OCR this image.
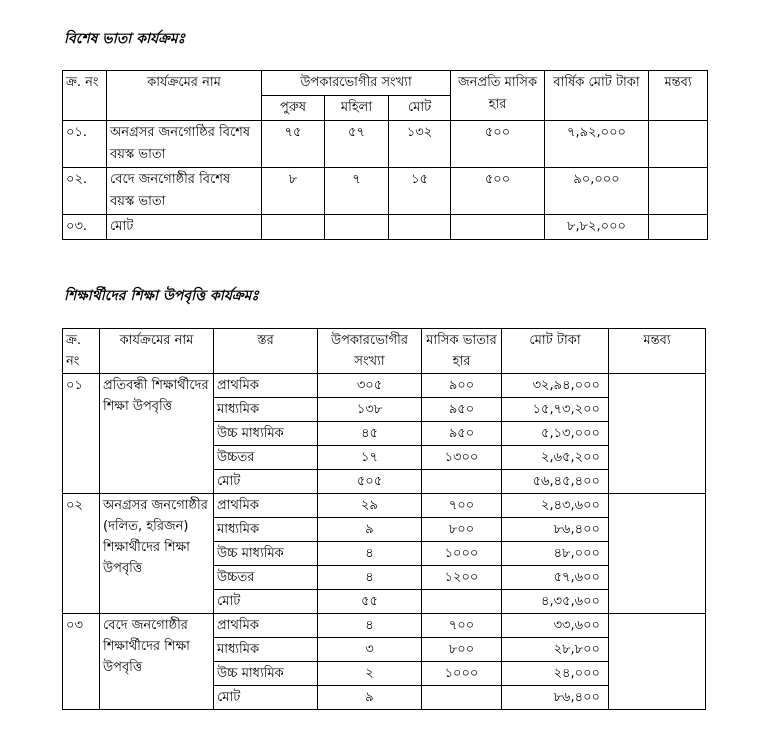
বিশেষ ভাতা কার্যক্রমঃ
ক্র. নং	কার্যক্রমের নাম	উপকারভোগীর সংখ্যা			জনপ্রতি মাসিক হার	বার্ষিক মোট টাকা	মন্তব্য
		পুরুষ	মহিলা	মোট			
০১.	অনগ্রসর জনগোষ্ঠির বিশেষ বয়স্ক ভাতা	৭৫	৫৭	১৩২	৫০০	৭,৯২,০০০	
০২.	বেদে জনগোষ্ঠীর বিশেষ বয়স্ক ভাতা	৮	৭	১৫	৫০০	৯০,০০০	
০৩.	মোট					৮,৮২,০০০	
শিক্ষার্থীদের শিক্ষা উপবৃত্তি কার্যক্রমঃ
ক্র. নং	কার্যক্রমের নাম	স্তর	উপকারভোগীর সংখ্যা	মাসিক ভাতার হার	মোট টাকা	মন্তব্য
০১	প্রতিবন্ধী শিক্ষার্থীদের শিক্ষা উপবৃত্তি	প্রাথমিক	৩০৫	৯০০	৩২,৯৪,০০০	
		মাধ্যমিক	১৩৮	৯৫০	১৫,৭৩,২০০	
		উচ্চ মাধ্যমিক	৪৫	৯৫০	৫,১৩,০০০	
		উচ্চতর	১৭	১৩০০	২,৬৫,২০০	
		মোট	৫০৫		৫৬,৪৫,৪০০	
০২	অনগ্রসর জনগোষ্ঠীর (দলিত, হরিজন) শিক্ষার্থীদের শিক্ষা উপবৃত্তি	প্রাথমিক	২৯	৭০০	২,৪৩,৬০০	
		মাধ্যমিক	৯	৮০০	৮৬,৪০০	
		উচ্চ মাধ্যমিক	৪	১০০০	৪৮,০০০	
		উচ্চতর	৪	১২০০	৫৭,৬০০	
		মোট	৫৫		৪,৩৫,৬০০	
০৩	বেদে জনগোষ্ঠীর শিক্ষার্থীদের শিক্ষা উপবৃত্তি	প্রাথমিক	৪	৭০০	৩৩,৬০০	
		মাধ্যমিক	৩	৮০০	২৮,৮০০	
		উচ্চ মাধ্যমিক	২	১০০০	২৪,০০০	
		মোট	৯		৮৬,৪০০	
